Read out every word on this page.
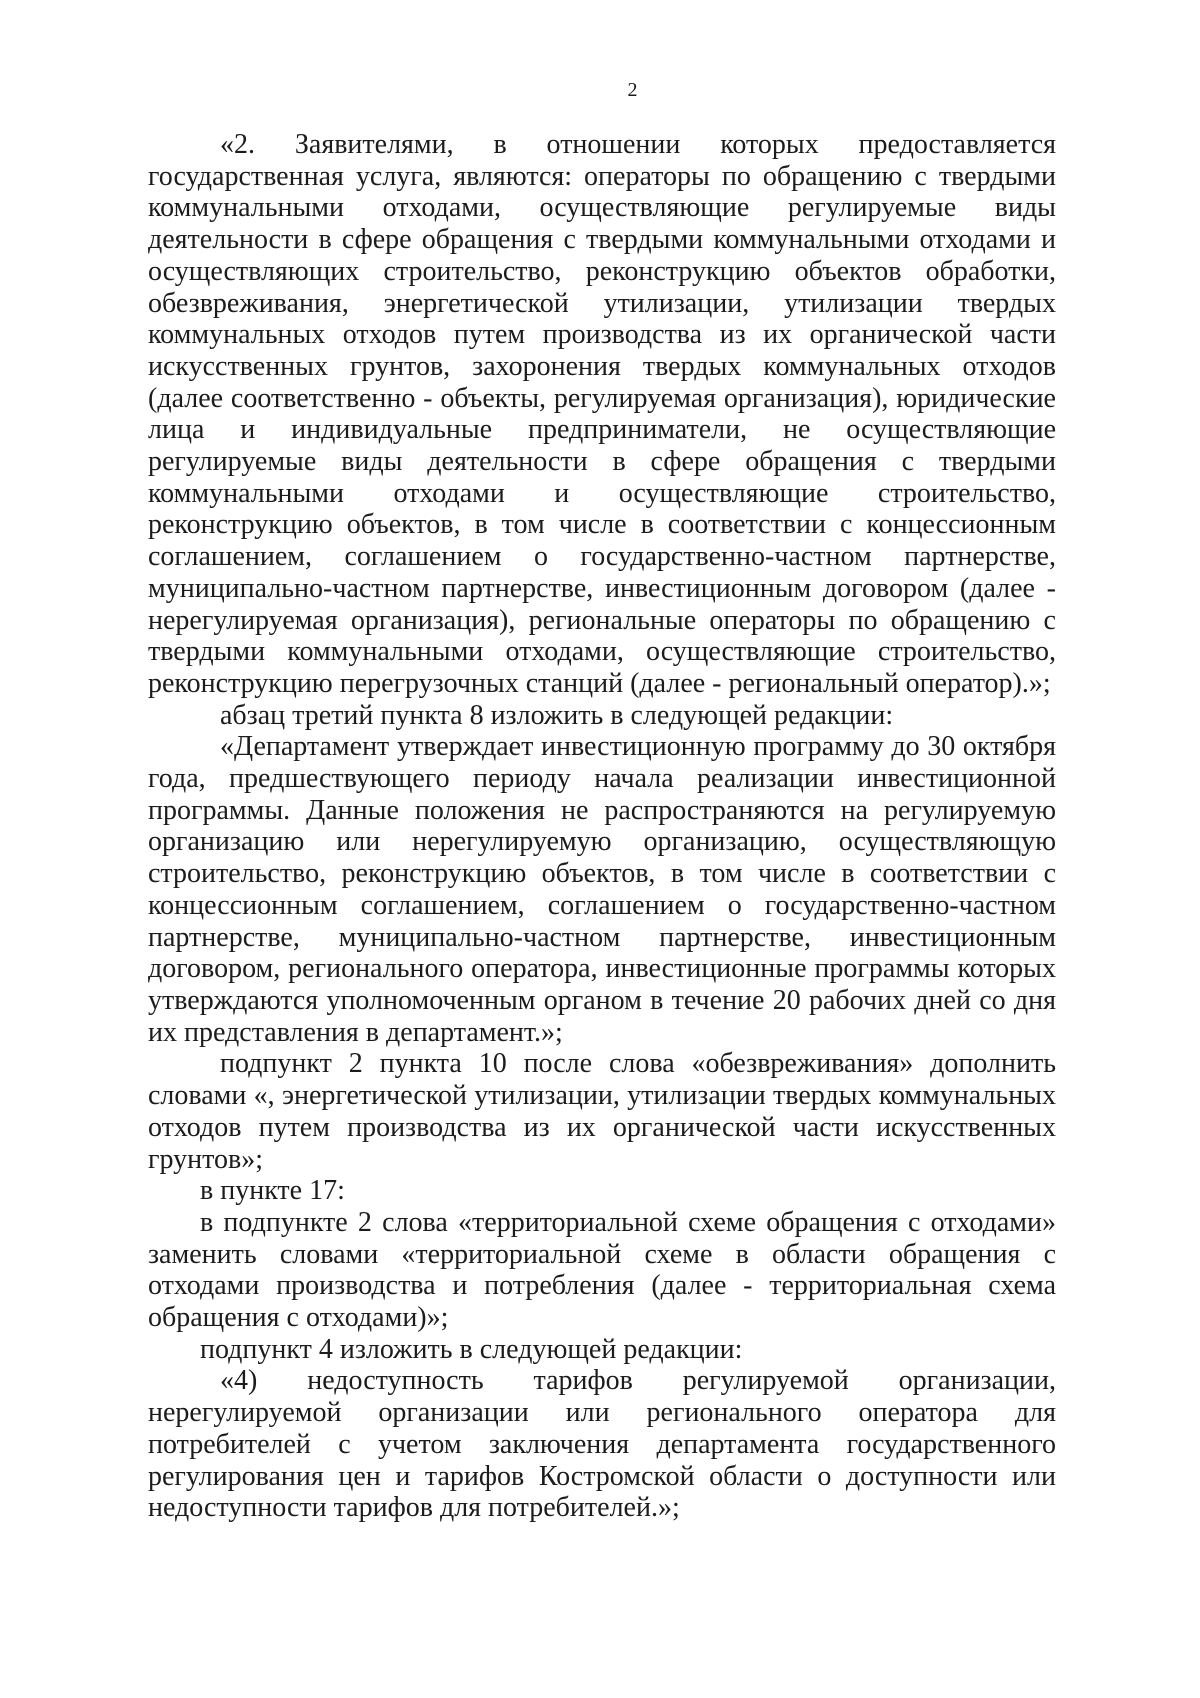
2

«2. Заявителями, в отношении которых предоставляется государственная услуга, являются: операторы по обращению с твердыми коммунальными отходами, осуществляющие регулируемые виды деятельности в сфере обращения с твердыми коммунальными отходами и осуществляющих строительство, реконструкцию объектов обработки, обезвреживания, энергетической утилизации, утилизации твердых коммунальных отходов путем производства из их органической части искусственных грунтов, захоронения твердых коммунальных отходов (далее соответственно - объекты, регулируемая организация), юридические лица и индивидуальные предприниматели, не осуществляющие регулируемые виды деятельности в сфере обращения с твердыми коммунальными отходами и осуществляющие строительство, реконструкцию объектов, в том числе в соответствии с концессионным соглашением, соглашением о государственно-частном партнерстве, муниципально-частном партнерстве, инвестиционным договором (далее - нерегулируемая организация), региональные операторы по обращению с твердыми коммунальными отходами, осуществляющие строительство, реконструкцию перегрузочных станций (далее - региональный оператор).»;

абзац третий пункта 8 изложить в следующей редакции:

«Департамент утверждает инвестиционную программу до 30 октября года, предшествующего периоду начала реализации инвестиционной программы. Данные положения не распространяются на регулируемую организацию или нерегулируемую организацию, осуществляющую строительство, реконструкцию объектов, в том числе в соответствии с концессионным соглашением, соглашением о государственно-частном партнерстве, муниципально-частном партнерстве, инвестиционным договором, регионального оператора, инвестиционные программы которых утверждаются уполномоченным органом в течение 20 рабочих дней со дня их представления в департамент.»;

подпункт 2 пункта 10 после слова «обезвреживания» дополнить словами «, энергетической утилизации, утилизации твердых коммунальных отходов путем производства из их органической части искусственных грунтов»;

в пункте 17:

в подпункте 2 слова «территориальной схеме обращения с отходами» заменить словами «территориальной схеме в области обращения с отходами производства и потребления (далее - территориальная схема обращения с отходами)»;

подпункт 4 изложить в следующей редакции:

«4) недоступность тарифов регулируемой организации, нерегулируемой организации или регионального оператора для потребителей с учетом заключения департамента государственного регулирования цен и тарифов Костромской области о доступности или недоступности тарифов для потребителей.»;
